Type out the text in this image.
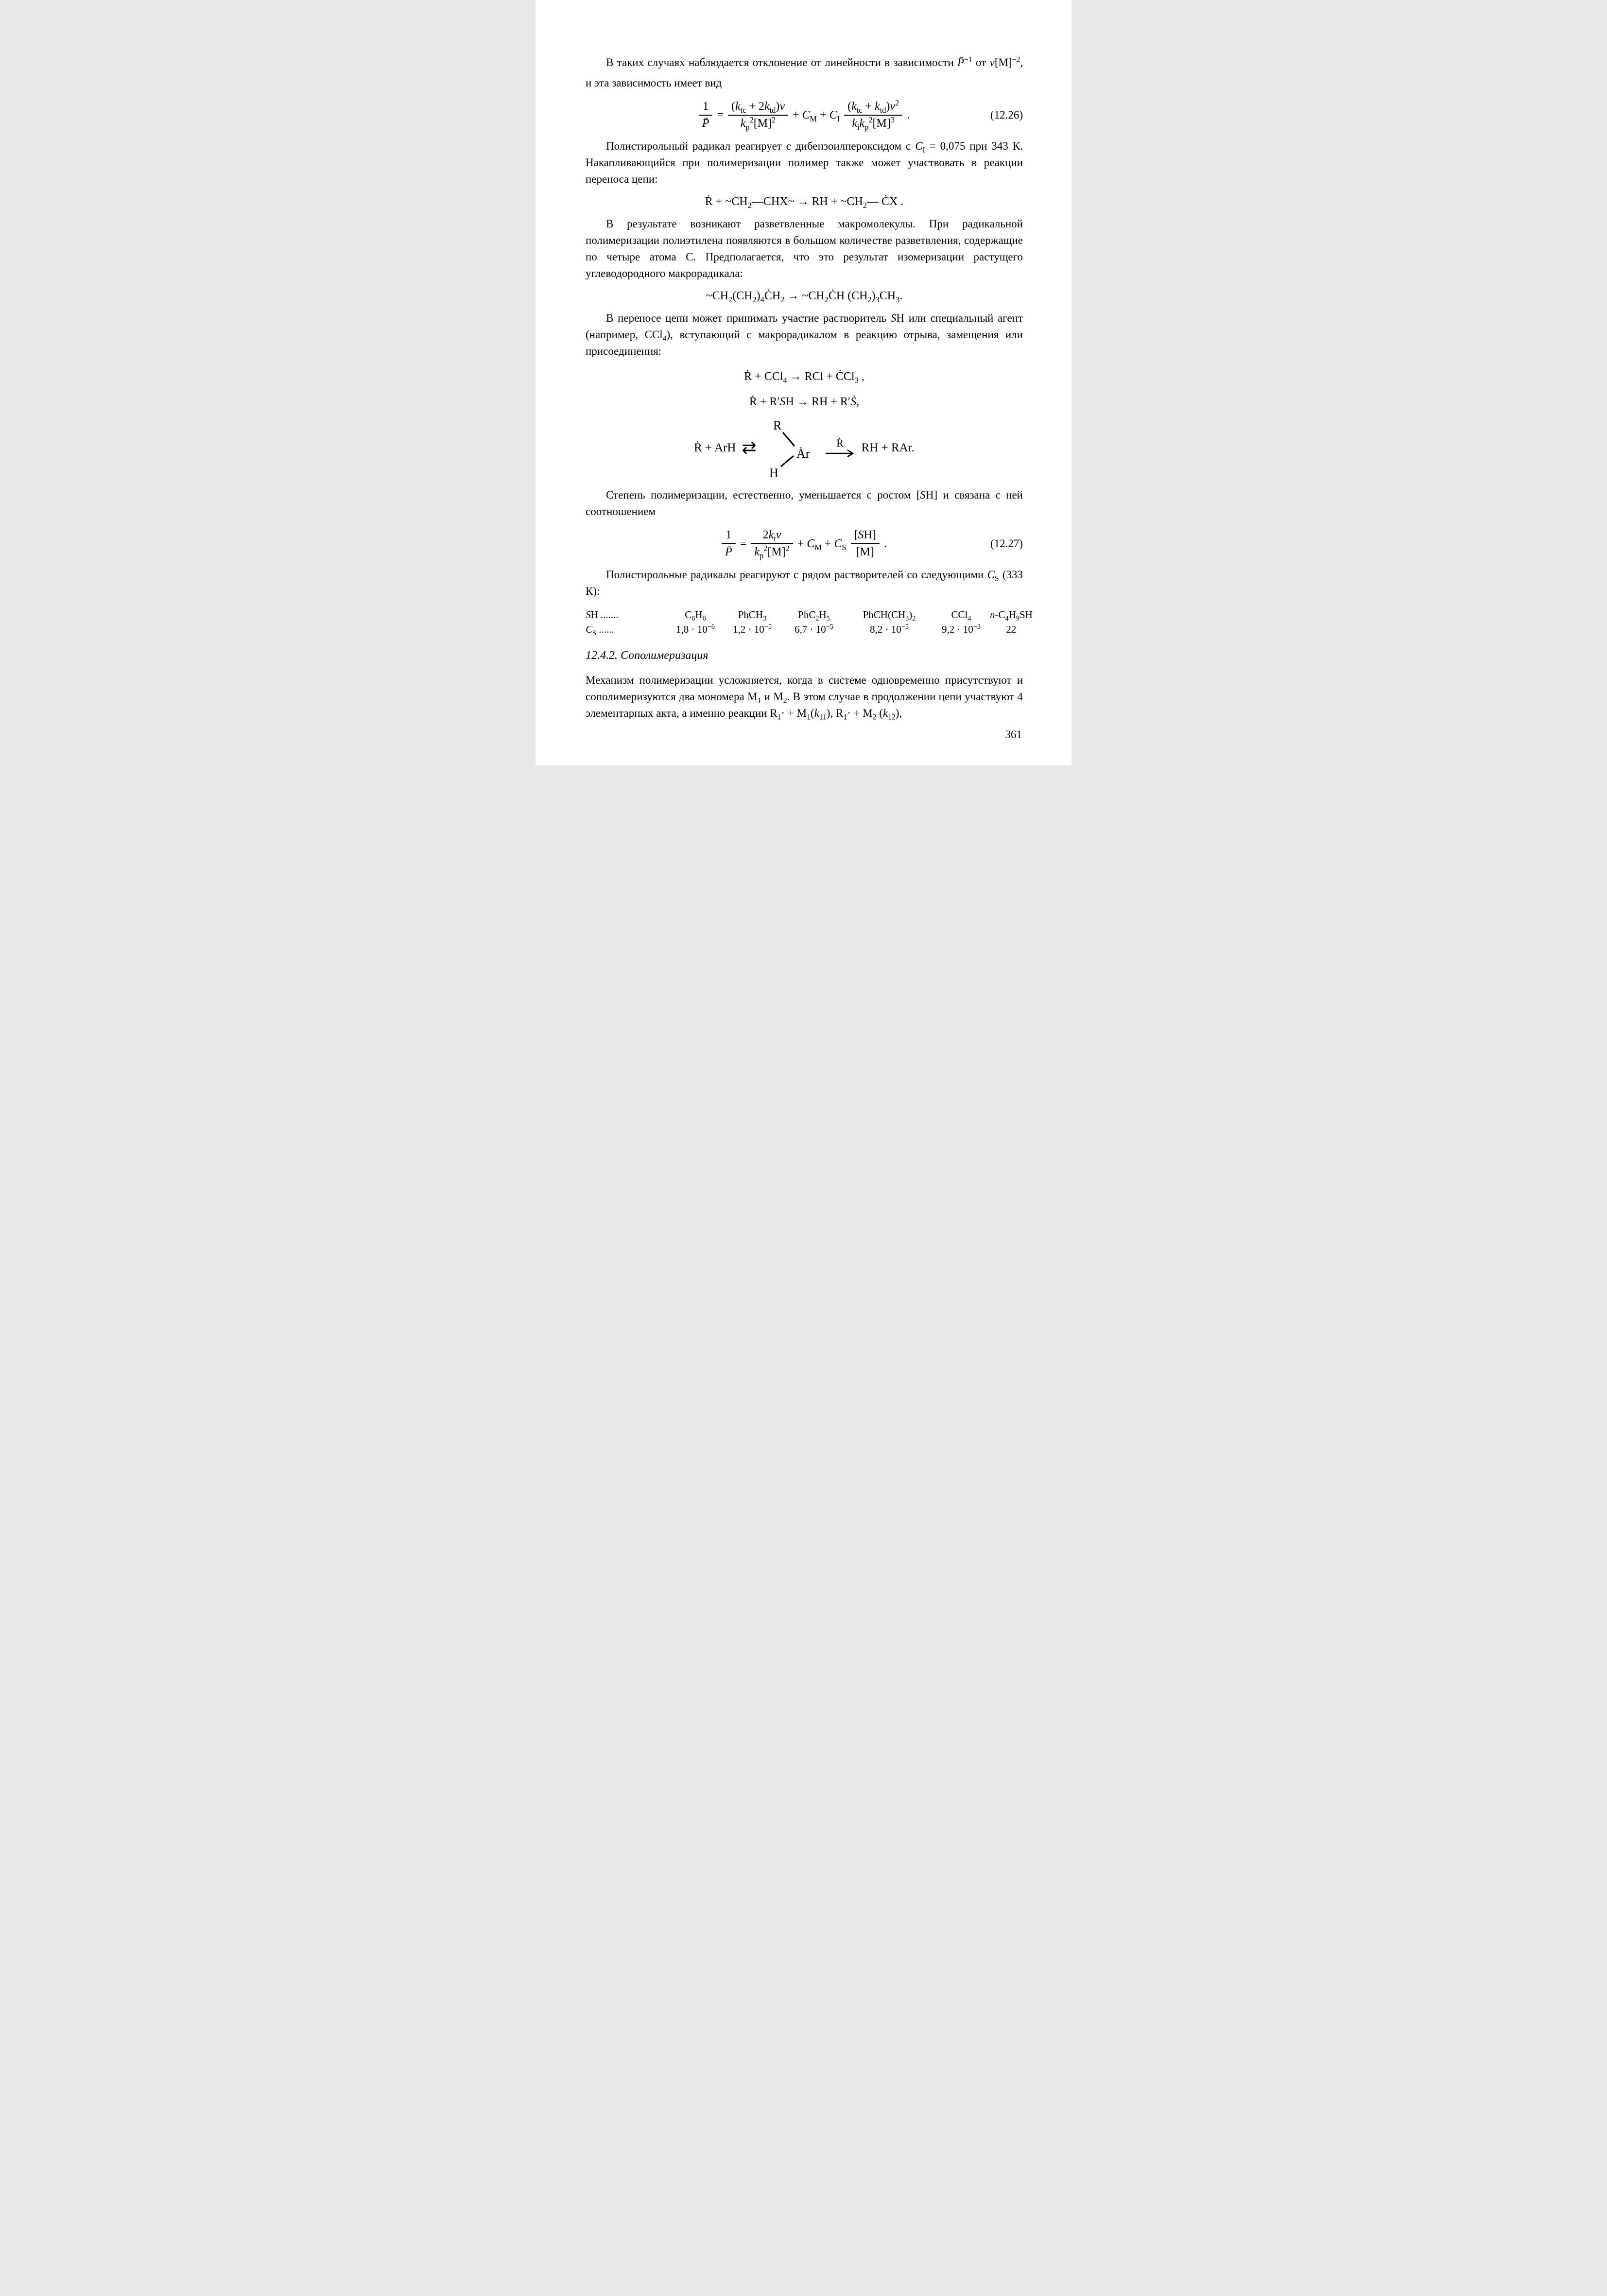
В таких случаях наблюдается отклонение от линейности в зависимости P̄$^{-1}$ от $v[M]^{-2}$, и эта зависимость имеет вид

$\frac{1}{P̄} = \frac{(k_{tc} + 2k_{td})v}{k_p^2[M]^2} + C_M + C_I \frac{(k_{tc} + k_{td})v^2}{k_ik_p^2[M]^3}$ .	(12.26)

Полистирольный радикал реагирует с дибензоилпероксидом с $C_I = 0,075$ при 343 К. Накапливающийся при полимеризации полимер также может участвовать в реакции переноса цепи:

Ṙ + $\sim CH_2—CHX\sim$ → RH + $\sim CH_2—$ ĊX .

В результате возникают разветвленные макромолекулы. При радикальной полимеризации полиэтилена появляются в большом количестве разветвления, содержащие по четыре атома С. Предполагается, что это результат изомеризации растущего углеводородного макрорадикала:

$\sim CH_2(CH_2)_4ĊH_2$ → $\sim CH_2ĊH$ $(CH_2)_3CH_3$.

В переносе цепи может принимать участие растворитель SH или специальный агент (например, CCl$_4$), вступающий с макрорадикалом в реакцию отрыва, замещения или присоединения:

Ṙ + CCl$_4$ → RCl + ĊCl$_3$ ,
Ṙ + R′SH → RH + R′Ṡ,
Ṙ + ArH ⇄
R
Ȧr
H
Ṙ RH + RAr.

Степень полимеризации, естественно, уменьшается с ростом [SH] и связана с ней соотношением

$\frac{1}{P̄} = \frac{2k_tv}{k_p^2[M]^2} + C_M + C_S \frac{[SH]}{[M]}$ .	(12.27)

Полистирольные радикалы реагируют с рядом растворителей со следующими $C_S$ (333 К):

SH .......	$C_6H_6$	PhCH$_3$	$PhC_2H_5$	$PhCH(CH_3)_2$	CCl$_4$	$n-C_4H_9SH$
$C_S$ ......	$1,8 \cdot 10^{-6}$	$1,2 \cdot 10^{-5}$	$6,7 \cdot 10^{-5}$	$8,2 \cdot 10^{-5}$	$9,2 \cdot 10^{-3}$	22
12.4.2. Сополимеризация

Механизм полимеризации усложняется, когда в системе одновременно присутствуют и сополимеризуются два мономера $M_1$ и $M_2$. В этом случае в продолжении цепи участвуют 4 элементарных акта, а именно реакции $R_1\cdot + M_1(k_{11})$, $R_1\cdot + M_2$ $(k_{12})$,

361
